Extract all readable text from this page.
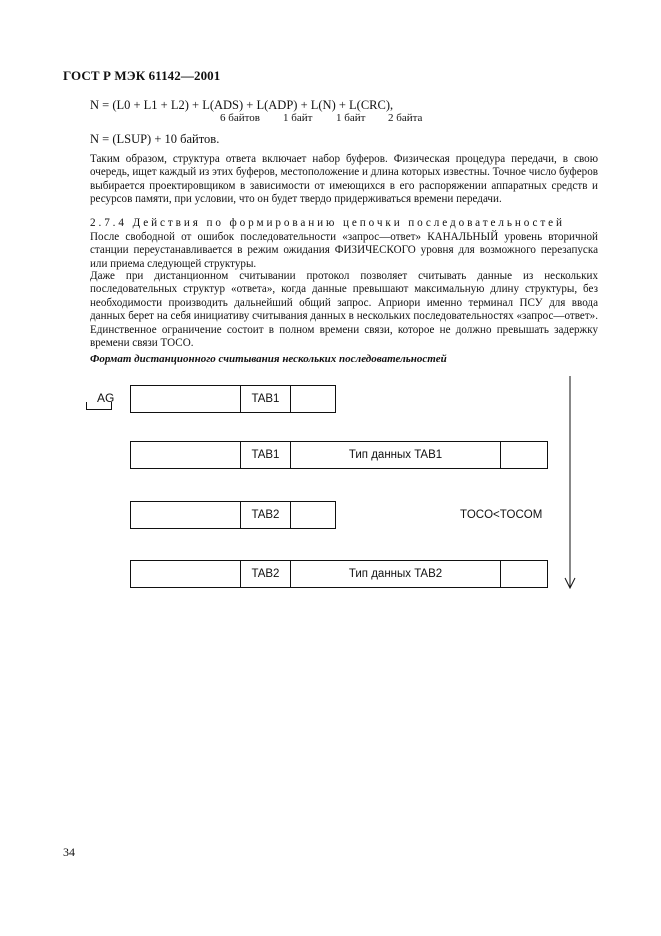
ГОСТ Р МЭК 61142—2001
N = (L0 + L1 + L2) + L(ADS) + L(ADP) + L(N) + L(CRC),
6 байтов 1 байт 1 байт 2 байта
N = (LSUP) + 10 байтов.
Таким образом, структура ответа включает набор буферов. Физическая процедура передачи, в свою очередь, ищет каждый из этих буферов, местоположение и длина которых известны. Точное число буферов выбирается проектировщиком в зависимости от имеющихся в его распоряжении аппаратных средств и ресурсов памяти, при условии, что он будет твердо придерживаться времени передачи.
2.7.4 Действия по формированию цепочки последовательностей
После свободной от ошибок последовательности «запрос—ответ» КАНАЛЬНЫЙ уровень вторичной станции переустанавливается в режим ожидания ФИЗИЧЕСКОГО уровня для возможного перезапуска или приема следующей структуры.
Даже при дистанционном считывании протокол позволяет считывать данные из нескольких последовательных структур «ответа», когда данные превышают максимальную длину структуры, без необходимости производить дальнейший общий запрос. Априори именно терминал ПСУ для ввода данных берет на себя инициативу считывания данных в нескольких последовательностях «запрос—ответ». Единственное ограничение состоит в полном времени связи, которое не должно превышать задержку времени связи ТОСО.
Формат дистанционного считывания нескольких последовательностей
AG	TAB1
TAB1	Тип данных TAB1
TAB2
TAB2	Тип данных TAB2
TOCO<TOCOM
34
